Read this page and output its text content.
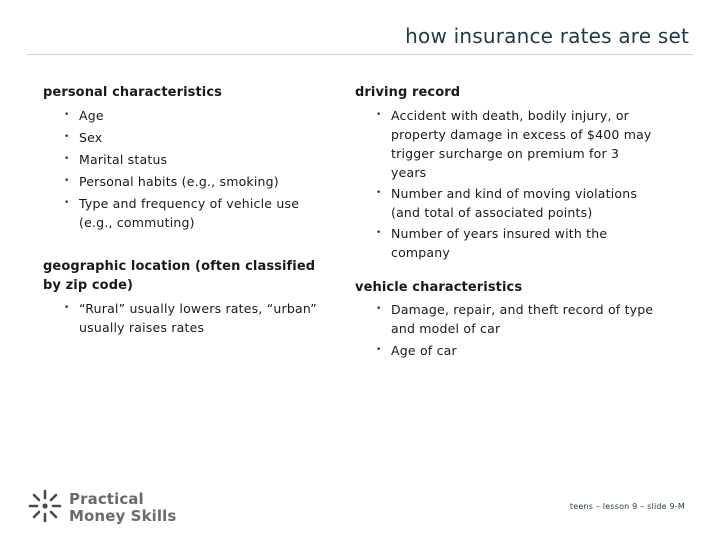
how insurance rates are set

personal characteristics

• Age
• Sex
• Marital status
• Personal habits (e.g., smoking)
• Type and frequency of vehicle use (e.g., commuting)

geographic location (often classified by zip code)

• “Rural” usually lowers rates, “urban” usually raises rates

driving record

• Accident with death, bodily injury, or property damage in excess of $400 may trigger surcharge on premium for 3 years
• Number and kind of moving violations (and total of associated points)
• Number of years insured with the company

vehicle characteristics

• Damage, repair, and theft record of type and model of car
• Age of car
Practical
Money Skills
teens – lesson 9 – slide 9-M
